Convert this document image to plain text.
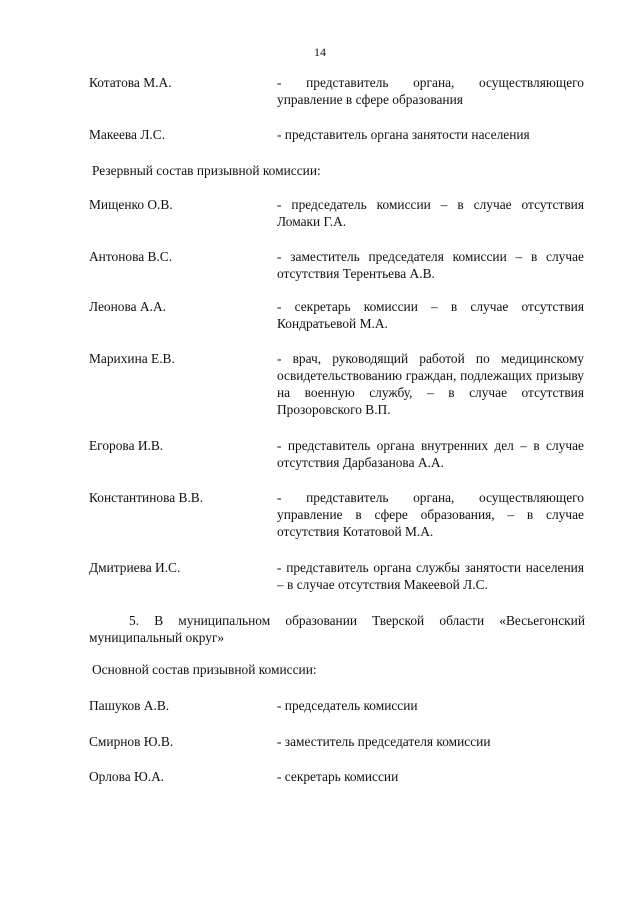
14
Котатова М.А.	- представитель органа, осуществляющего управление в сфере образования
Макеева Л.С.	- представитель органа занятости населения
Резервный состав призывной комиссии:
Мищенко О.В.	- председатель комиссии – в случае отсутствия Ломаки Г.А.
Антонова В.С.	- заместитель председателя комиссии – в случае отсутствия Терентьева А.В.
Леонова А.А.	- секретарь комиссии – в случае отсутствия Кондратьевой М.А.
Марихина Е.В.	- врач, руководящий работой по медицинскому освидетельствованию граждан, подлежащих призыву на военную службу, – в случае отсутствия Прозоровского В.П.
Егорова И.В.	- представитель органа внутренних дел – в случае отсутствия Дарбазанова А.А.
Константинова В.В.	- представитель органа, осуществляющего управление в сфере образования, – в случае отсутствия Котатовой М.А.
Дмитриева И.С.	- представитель органа службы занятости населения – в случае отсутствия Макеевой Л.С.
5. В муниципальном образовании Тверской области «Весьегонский муниципальный округ»
Основной состав призывной комиссии:
Пашуков А.В.	- председатель комиссии
Смирнов Ю.В.	- заместитель председателя комиссии
Орлова Ю.А.	- секретарь комиссии
